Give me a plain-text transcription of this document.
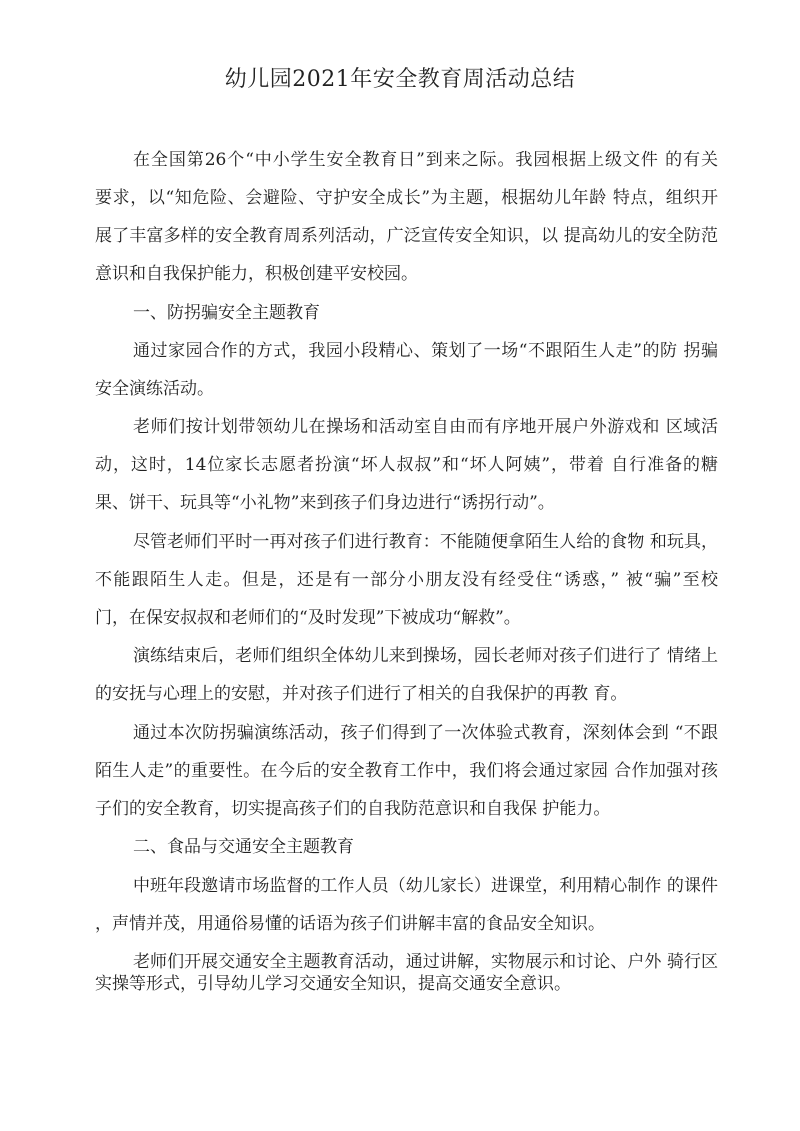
幼儿园2021年安全教育周活动总结
在全国第26个“中小学生安全教育日”到来之际。我园根据上级文件 的有关
要求，以“知危险、会避险、守护安全成长”为主题，根据幼儿年龄 特点，组织开
展了丰富多样的安全教育周系列活动，广泛宣传安全知识，以 提高幼儿的安全防范
意识和自我保护能力，积极创建平安校园。
一、防拐骗安全主题教育
通过家园合作的方式，我园小段精心、策划了一场“不跟陌生人走”的防 拐骗
安全演练活动。
老师们按计划带领幼儿在操场和活动室自由而有序地开展户外游戏和 区域活
动，这时，14位家长志愿者扮演“坏人叔叔”和“坏人阿姨”，带着 自行准备的糖
果、饼干、玩具等“小礼物”来到孩子们身边进行“诱拐行动”。
尽管老师们平时一再对孩子们进行教育：不能随便拿陌生人给的食物 和玩具，
不能跟陌生人走。但是，还是有一部分小朋友没有经受住“诱惑，” 被“骗”至校
门，在保安叔叔和老师们的“及时发现”下被成功“解救”。
演练结束后，老师们组织全体幼儿来到操场，园长老师对孩子们进行了 情绪上
的安抚与心理上的安慰，并对孩子们进行了相关的自我保护的再教 育。
通过本次防拐骗演练活动，孩子们得到了一次体验式教育，深刻体会到 “不跟
陌生人走”的重要性。在今后的安全教育工作中，我们将会通过家园 合作加强对孩
子们的安全教育，切实提高孩子们的自我防范意识和自我保 护能力。
二、食品与交通安全主题教育
中班年段邀请市场监督的工作人员（幼儿家长）进课堂，利用精心制作 的课件
，声情并茂，用通俗易懂的话语为孩子们讲解丰富的食品安全知识。
老师们开展交通安全主题教育活动，通过讲解，实物展示和讨论、户外 骑行区
实操等形式，引导幼儿学习交通安全知识，提高交通安全意识。
